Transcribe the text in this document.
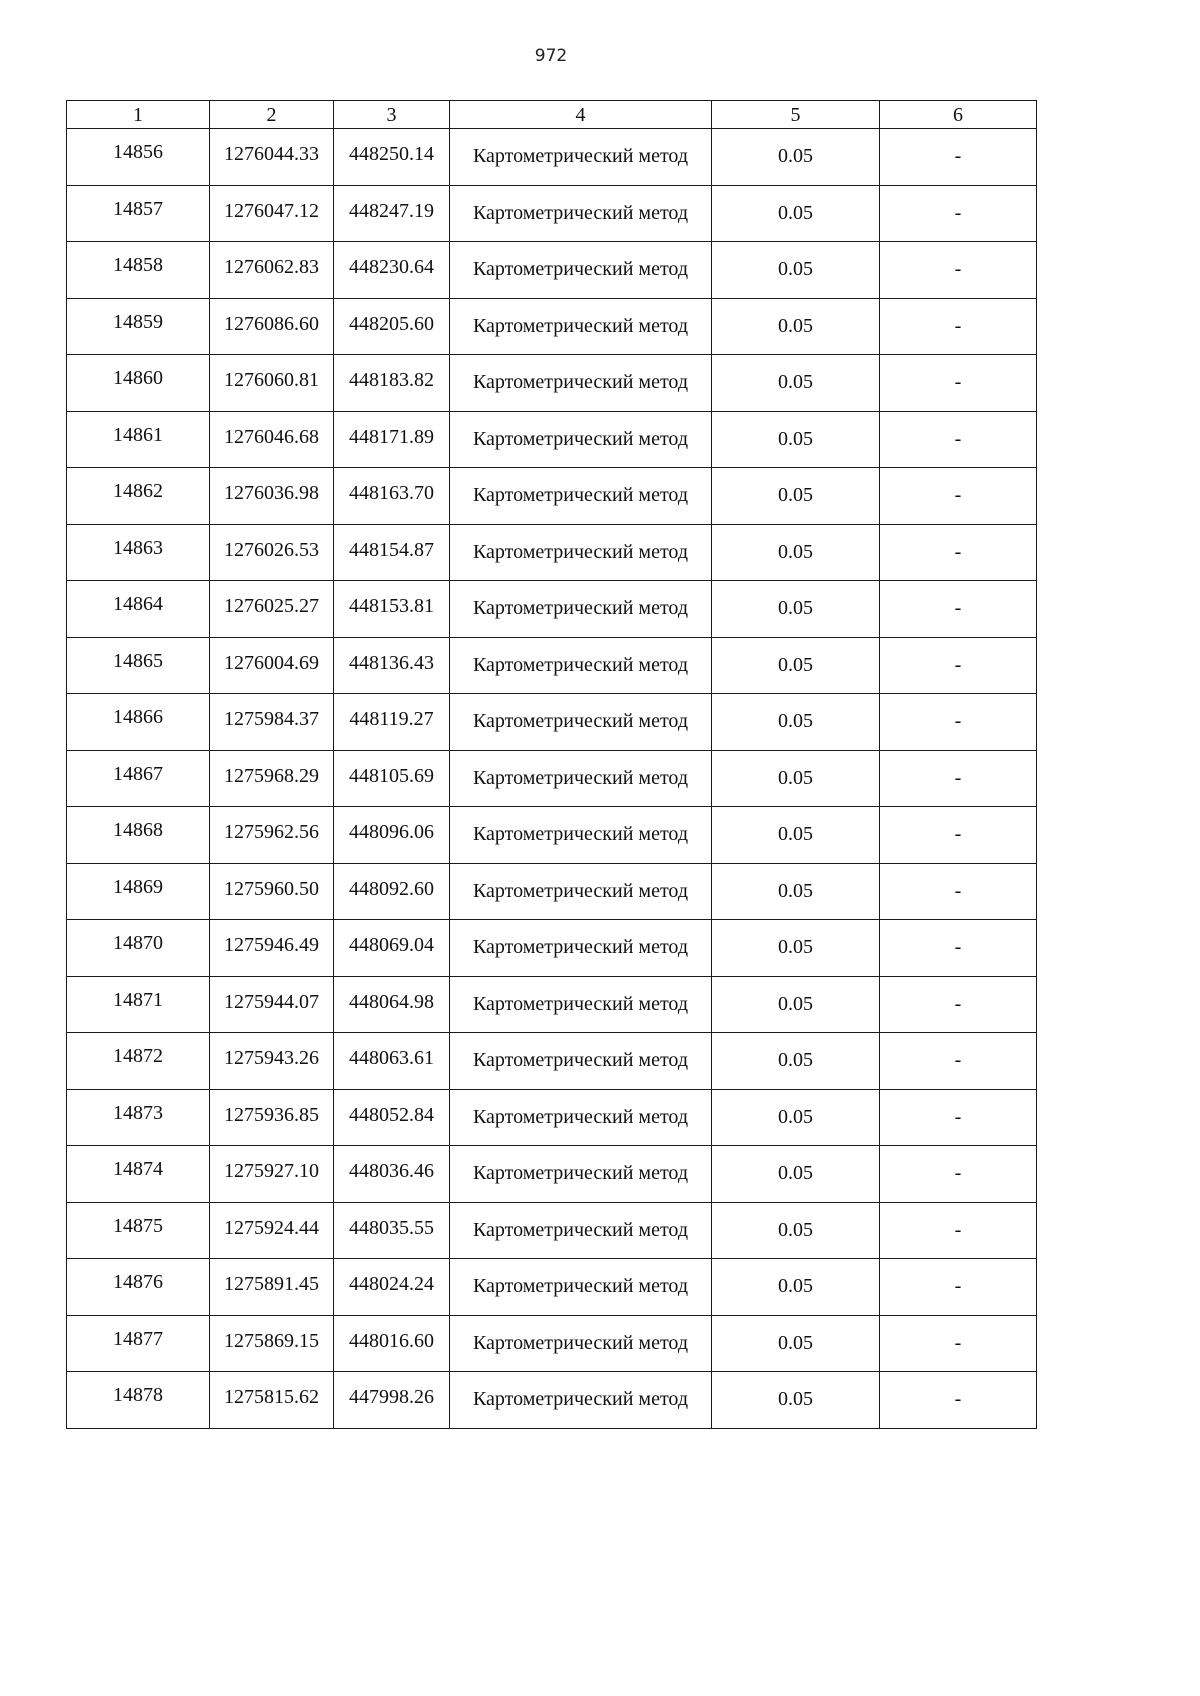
972
1	2	3	4	5	6
14856	1276044.33	448250.14	Картометрический метод	0.05	-
14857	1276047.12	448247.19	Картометрический метод	0.05	-
14858	1276062.83	448230.64	Картометрический метод	0.05	-
14859	1276086.60	448205.60	Картометрический метод	0.05	-
14860	1276060.81	448183.82	Картометрический метод	0.05	-
14861	1276046.68	448171.89	Картометрический метод	0.05	-
14862	1276036.98	448163.70	Картометрический метод	0.05	-
14863	1276026.53	448154.87	Картометрический метод	0.05	-
14864	1276025.27	448153.81	Картометрический метод	0.05	-
14865	1276004.69	448136.43	Картометрический метод	0.05	-
14866	1275984.37	448119.27	Картометрический метод	0.05	-
14867	1275968.29	448105.69	Картометрический метод	0.05	-
14868	1275962.56	448096.06	Картометрический метод	0.05	-
14869	1275960.50	448092.60	Картометрический метод	0.05	-
14870	1275946.49	448069.04	Картометрический метод	0.05	-
14871	1275944.07	448064.98	Картометрический метод	0.05	-
14872	1275943.26	448063.61	Картометрический метод	0.05	-
14873	1275936.85	448052.84	Картометрический метод	0.05	-
14874	1275927.10	448036.46	Картометрический метод	0.05	-
14875	1275924.44	448035.55	Картометрический метод	0.05	-
14876	1275891.45	448024.24	Картометрический метод	0.05	-
14877	1275869.15	448016.60	Картометрический метод	0.05	-
14878	1275815.62	447998.26	Картометрический метод	0.05	-
